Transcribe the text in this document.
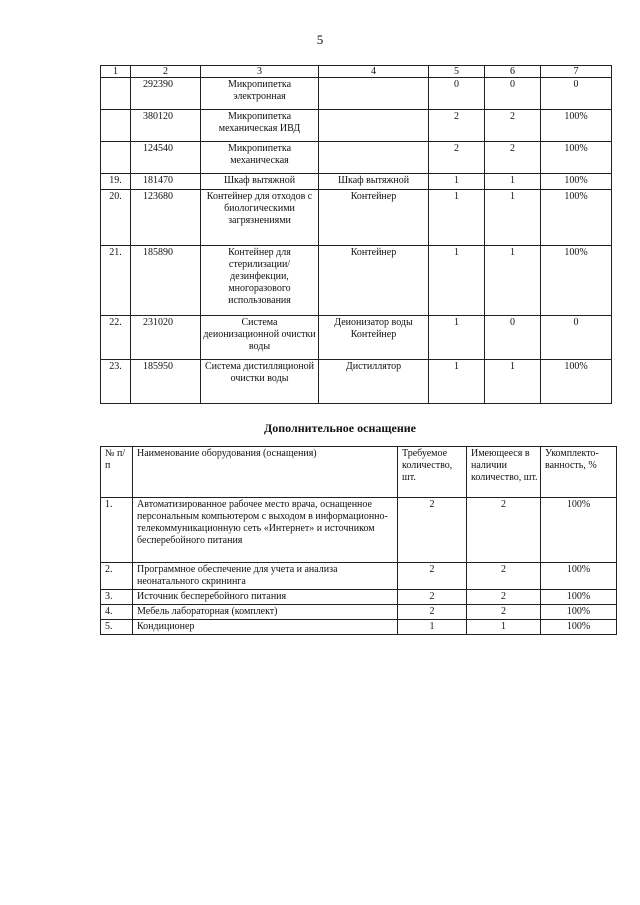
5
1	2	3	4	5	6	7
	292390	Микропипетка электронная		0	0	0
	380120	Микропипетка механическая ИВД		2	2	100%
	124540	Микропипетка механическая		2	2	100%
19.	181470	Шкаф вытяжной	Шкаф вытяжной	1	1	100%
20.	123680	Контейнер для отходов с биологическими загрязнениями	Контейнер	1	1	100%
21.	185890	Контейнер для стерилизации/ дезинфекции, многоразового использования	Контейнер	1	1	100%
22.	231020	Система деионизационной очистки воды	Деионизатор воды Контейнер	1	0	0
23.	185950	Система дистилляционой очистки воды	Дистиллятор	1	1	100%
Дополнительное оснащение
№ п/п	Наименование оборудования (оснащения)	Требуемое количество, шт.	Имеющееся в наличии количество, шт.	Укомплекто-ванность, %
1.	Автоматизированное рабочее место врача, оснащенное персональным компьютером с выходом в информационно-телекоммуникационную сеть «Интернет» и источником бесперебойного питания	2	2	100%
2.	Программное обеспечение для учета и анализа неонатального скрининга	2	2	100%
3.	Источник бесперебойного питания	2	2	100%
4.	Мебель лабораторная (комплект)	2	2	100%
5.	Кондиционер	1	1	100%
